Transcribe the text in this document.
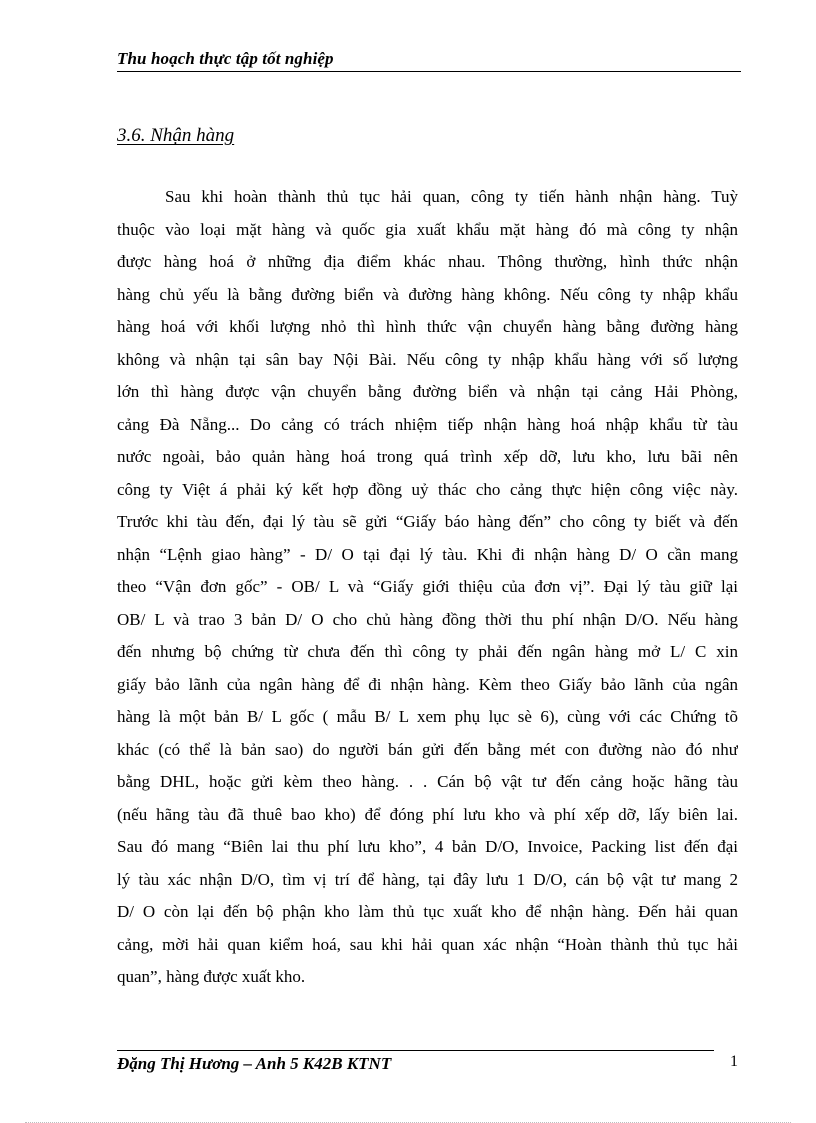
Thu hoạch thực tập tốt nghiệp
3.6. Nhận hàng
Sau khi hoàn thành thủ tục hải quan, công ty tiến hành nhận hàng. Tuỳ
thuộc vào loại mặt hàng và quốc gia xuất khẩu mặt hàng đó mà công ty nhận
được hàng hoá ở những địa điểm khác nhau. Thông thường, hình thức nhận
hàng chủ yếu là bằng đường biển và đường hàng không. Nếu công ty nhập khẩu
hàng hoá với khối lượng nhỏ thì hình thức vận chuyển hàng bằng đường hàng
không và nhận tại sân bay Nội Bài. Nếu công ty nhập khẩu hàng với số lượng
lớn thì hàng được vận chuyển bằng đường biển và nhận tại cảng Hải Phòng,
cảng Đà Nẵng... Do cảng có trách nhiệm tiếp nhận hàng hoá nhập khẩu từ tàu
nước ngoài, bảo quản hàng hoá trong quá trình xếp dỡ, lưu kho, lưu bãi nên
công ty Việt á phải ký kết hợp đồng uỷ thác cho cảng thực hiện công việc này.
Trước khi tàu đến, đại lý tàu sẽ gửi “Giấy báo hàng đến” cho công ty biết và đến
nhận “Lệnh giao hàng” - D/ O tại đại lý tàu. Khi đi nhận hàng D/ O cần mang
theo “Vận đơn gốc” - OB/ L và “Giấy giới thiệu của đơn vị”. Đại lý tàu giữ lại
OB/ L và trao 3 bản D/ O cho chủ hàng đồng thời thu phí nhận D/O. Nếu hàng
đến nhưng bộ chứng từ chưa đến thì công ty phải đến ngân hàng mở L/ C xin
giấy bảo lãnh của ngân hàng để đi nhận hàng. Kèm theo Giấy bảo lãnh của ngân
hàng là một bản B/ L gốc ( mẫu B/ L xem phụ lục sè 6), cùng với các Chứng tõ
khác (có thể là bản sao) do người bán gửi đến bằng mét con đường nào đó như
bằng DHL, hoặc gửi kèm theo hàng. . . Cán bộ vật tư đến cảng hoặc hãng tàu
(nếu hãng tàu đã thuê bao kho) để đóng phí lưu kho và phí xếp dỡ, lấy biên lai.
Sau đó mang “Biên lai thu phí lưu kho”, 4 bản D/O, Invoice, Packing list đến đại
lý tàu xác nhận D/O, tìm vị trí để hàng, tại đây lưu 1 D/O, cán bộ vật tư mang 2
D/ O còn lại đến bộ phận kho làm thủ tục xuất kho để nhận hàng. Đến hải quan
cảng, mời hải quan kiểm hoá, sau khi hải quan xác nhận “Hoàn thành thủ tục hải
quan”, hàng được xuất kho.
Đặng Thị Hương – Anh 5 K42B KTNT	1
